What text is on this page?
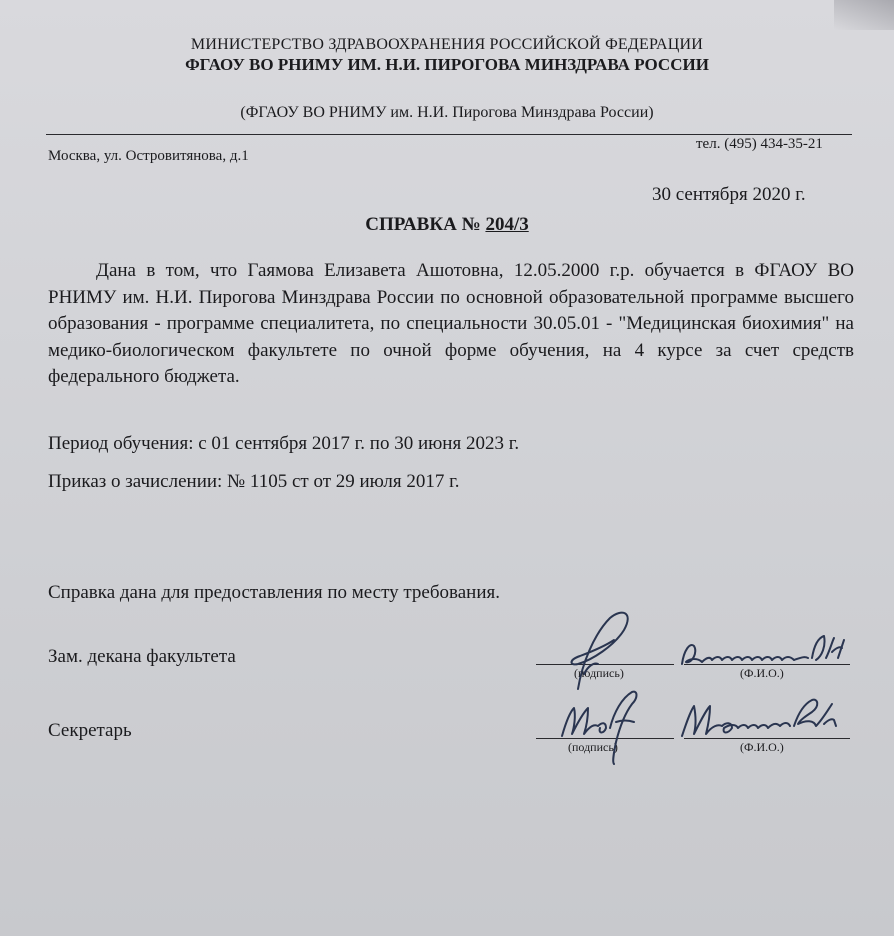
МИНИСТЕРСТВО ЗДРАВООХРАНЕНИЯ РОССИЙСКОЙ ФЕДЕРАЦИИ
ФГАОУ ВО РНИМУ ИМ. Н.И. ПИРОГОВА МИНЗДРАВА РОССИИ
(ФГАОУ ВО РНИМУ им. Н.И. Пирогова Минздрава России)
тел. (495) 434-35-21
Москва, ул. Островитянова, д.1
30 сентября 2020 г.
СПРАВКА № 204/3
Дана в том, что Гаямова Елизавета Ашотовна, 12.05.2000 г.р. обучается в ФГАОУ ВО РНИМУ им. Н.И. Пирогова Минздрава России по основной образовательной программе высшего образования - программе специалитета, по специальности 30.05.01 - "Медицинская биохимия" на медико-биологическом факультете по очной форме обучения, на 4 курсе за счет средств федерального бюджета.
Период обучения: с 01 сентября 2017 г. по 30 июня 2023 г.
Приказ о зачислении: № 1105 ст от 29 июля 2017 г.
Справка дана для предоставления по месту требования.
Зам. декана факультета
(подпись)	(Ф.И.О.)
Секретарь
(подпись)	(Ф.И.О.)
